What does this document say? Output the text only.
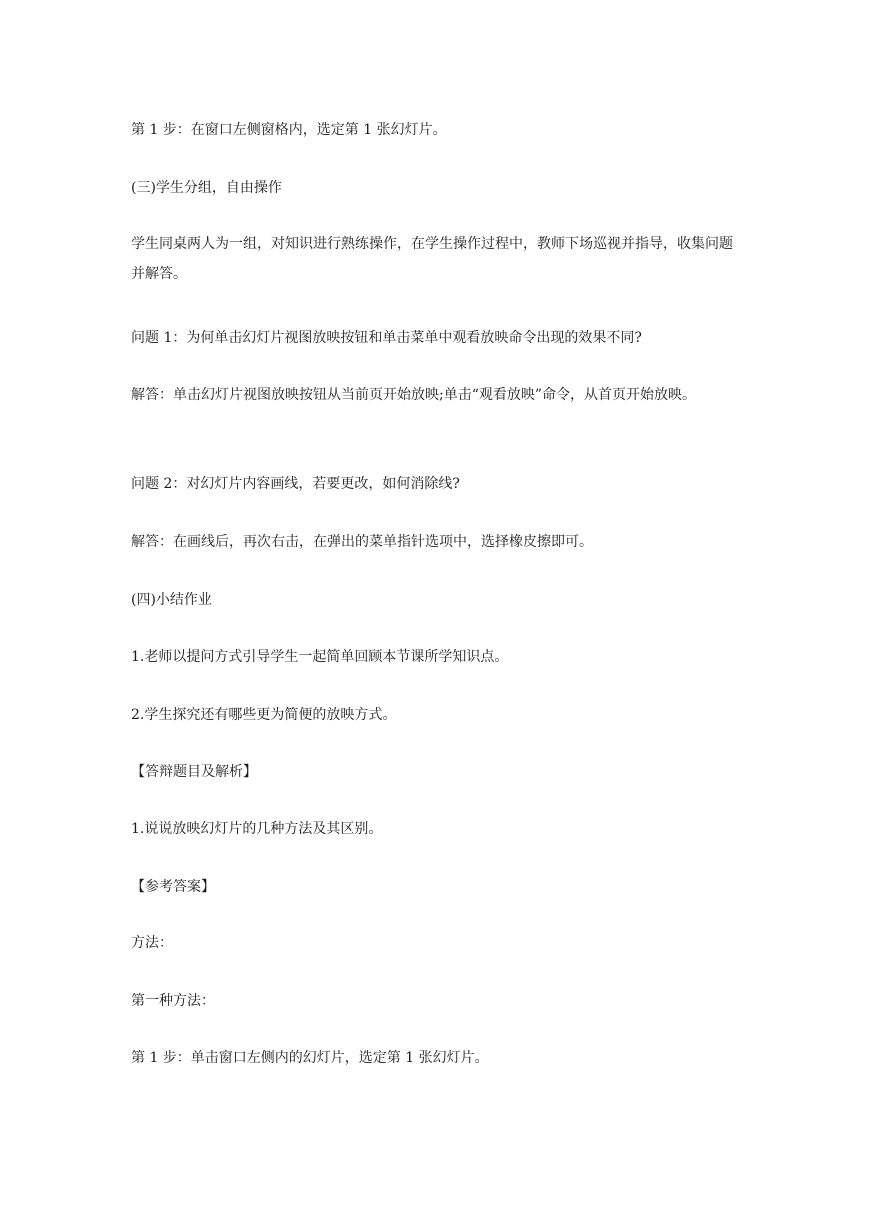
第 1 步：在窗口左侧窗格内，选定第 1 张幻灯片。

(三)学生分组，自由操作

学生同桌两人为一组，对知识进行熟练操作，在学生操作过程中，教师下场巡视并指导，收集问题并解答。

问题 1：为何单击幻灯片视图放映按钮和单击菜单中观看放映命令出现的效果不同?

解答：单击幻灯片视图放映按钮从当前页开始放映;单击“观看放映”命令，从首页开始放映。

问题 2：对幻灯片内容画线，若要更改，如何消除线?

解答：在画线后，再次右击，在弹出的菜单指针选项中，选择橡皮擦即可。

(四)小结作业

1.老师以提问方式引导学生一起简单回顾本节课所学知识点。

2.学生探究还有哪些更为简便的放映方式。

【答辩题目及解析】

1.说说放映幻灯片的几种方法及其区别。

【参考答案】

方法：

第一种方法：

第 1 步：单击窗口左侧内的幻灯片，选定第 1 张幻灯片。
